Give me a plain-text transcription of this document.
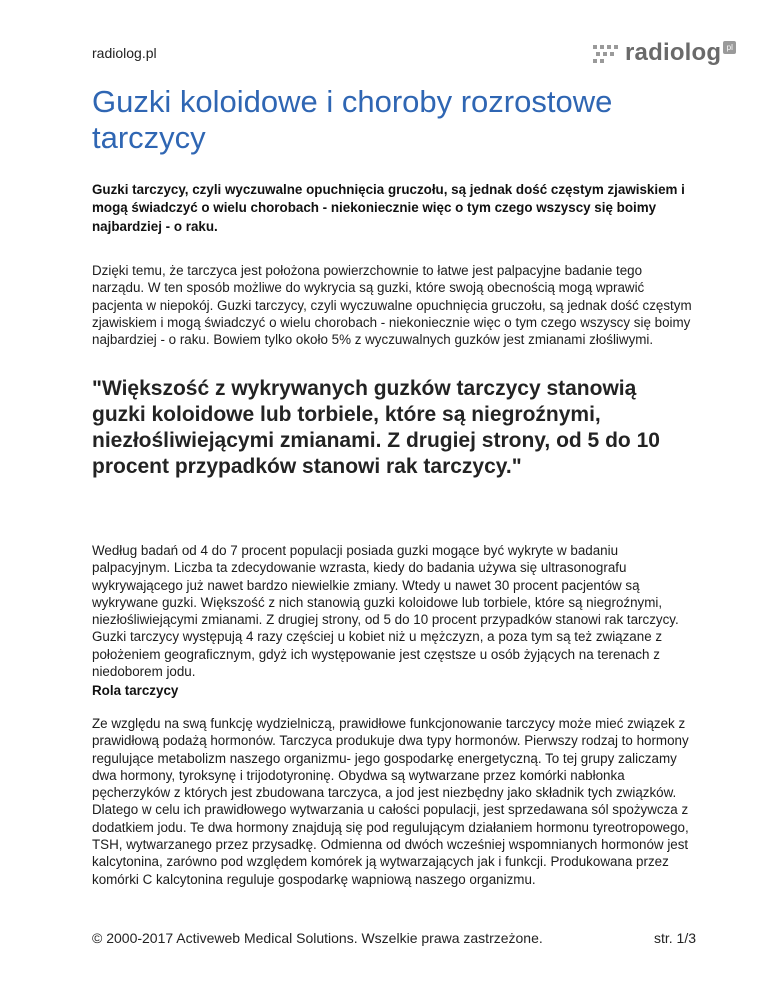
radiolog.pl	radiolog pl
Guzki koloidowe i choroby rozrostowe tarczycy

Guzki tarczycy, czyli wyczuwalne opuchnięcia gruczołu, są jednak dość częstym zjawiskiem i mogą świadczyć o wielu chorobach - niekoniecznie więc o tym czego wszyscy się boimy najbardziej - o raku.

Dzięki temu, że tarczyca jest położona powierzchownie to łatwe jest palpacyjne badanie tego narządu. W ten sposób możliwe do wykrycia są guzki, które swoją obecnością mogą wprawić pacjenta w niepokój. Guzki tarczycy, czyli wyczuwalne opuchnięcia gruczołu, są jednak dość częstym zjawiskiem i mogą świadczyć o wielu chorobach - niekoniecznie więc o tym czego wszyscy się boimy najbardziej - o raku. Bowiem tylko około 5% z wyczuwalnych guzków jest zmianami złośliwymi.

"Większość z wykrywanych guzków tarczycy stanowią guzki koloidowe lub torbiele, które są niegroźnymi, niezłośliwiejącymi zmianami. Z drugiej strony, od 5 do 10 procent przypadków stanowi rak tarczycy."

Według badań od 4 do 7 procent populacji posiada guzki mogące być wykryte w badaniu palpacyjnym. Liczba ta zdecydowanie wzrasta, kiedy do badania używa się ultrasonografu wykrywającego już nawet bardzo niewielkie zmiany. Wtedy u nawet 30 procent pacjentów są wykrywane guzki. Większość z nich stanowią guzki koloidowe lub torbiele, które są niegroźnymi, niezłośliwiejącymi zmianami. Z drugiej strony, od 5 do 10 procent przypadków stanowi rak tarczycy. Guzki tarczycy występują 4 razy częściej u kobiet niż u mężczyzn, a poza tym są też związane z położeniem geograficznym, gdyż ich występowanie jest częstsze u osób żyjących na terenach z niedoborem jodu.

Rola tarczycy

Ze względu na swą funkcję wydzielniczą, prawidłowe funkcjonowanie tarczycy może mieć związek z prawidłową podażą hormonów. Tarczyca produkuje dwa typy hormonów. Pierwszy rodzaj to hormony regulujące metabolizm naszego organizmu- jego gospodarkę energetyczną. To tej grupy zaliczamy dwa hormony, tyroksynę i trijodotyroninę. Obydwa są wytwarzane przez komórki nabłonka pęcherzyków z których jest zbudowana tarczyca, a jod jest niezbędny jako składnik tych związków. Dlatego w celu ich prawidłowego wytwarzania u całości populacji, jest sprzedawana sól spożywcza z dodatkiem jodu. Te dwa hormony znajdują się pod regulującym działaniem hormonu tyreotropowego, TSH, wytwarzanego przez przysadkę. Odmienna od dwóch wcześniej wspomnianych hormonów jest kalcytonina, zarówno pod względem komórek ją wytwarzających jak i funkcji. Produkowana przez komórki C kalcytonina reguluje gospodarkę wapniową naszego organizmu.

© 2000-2017 Activeweb Medical Solutions. Wszelkie prawa zastrzeżone.	str. 1/3
